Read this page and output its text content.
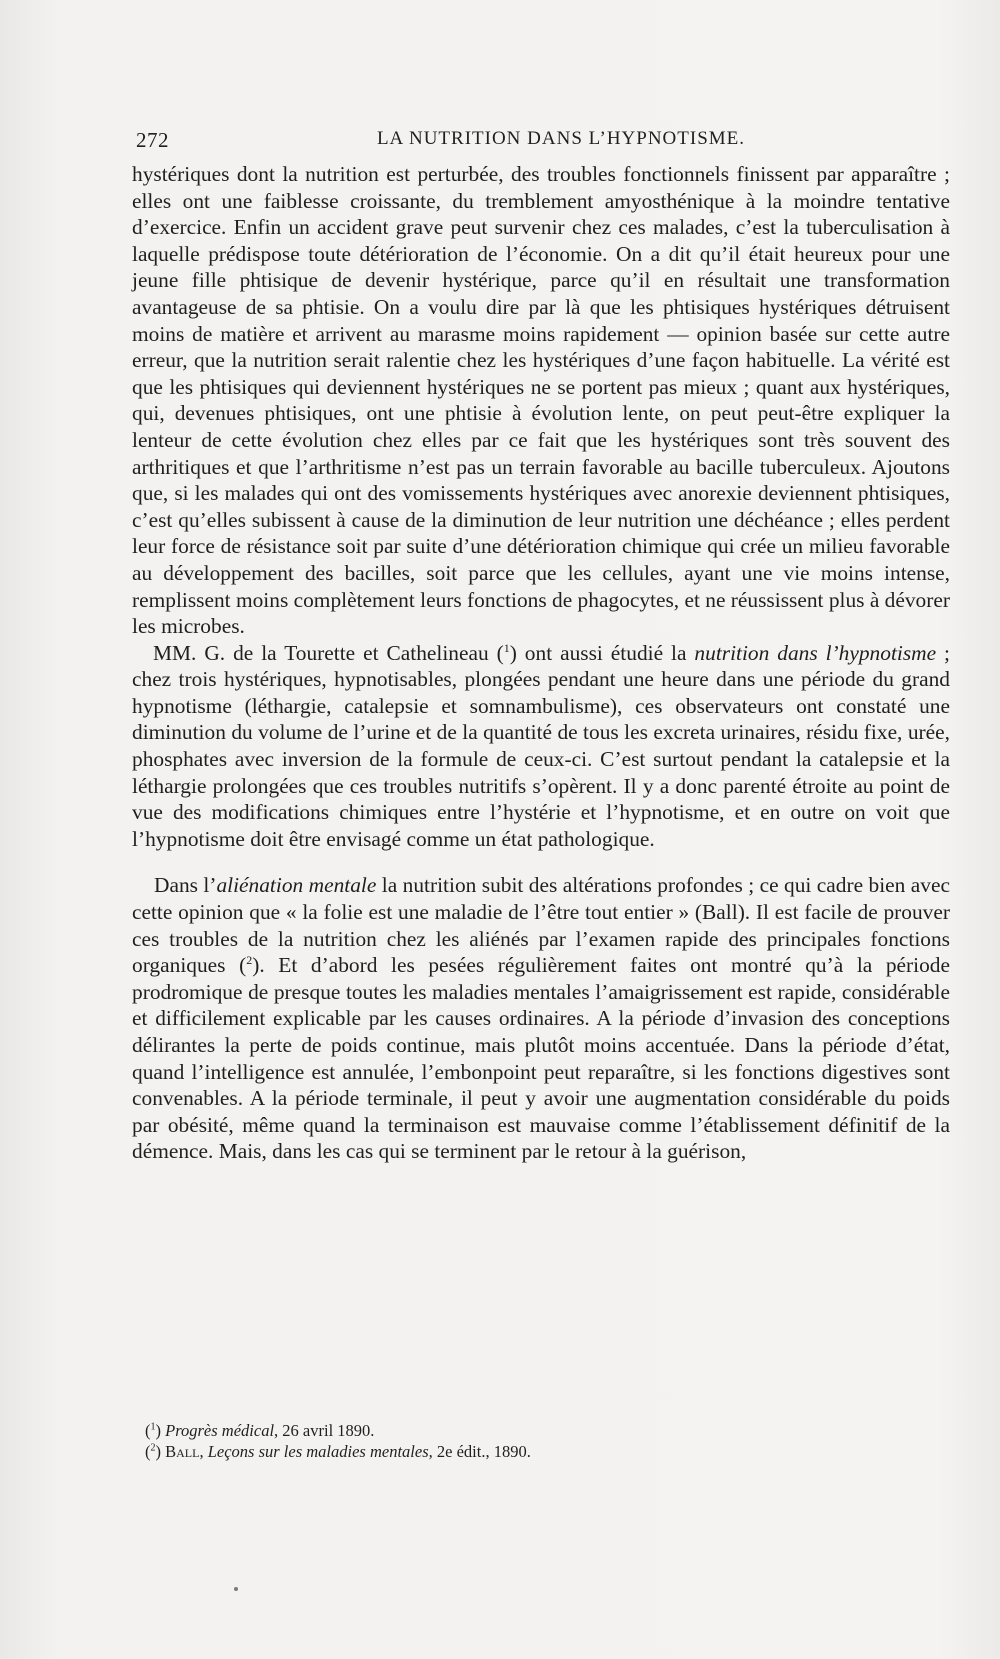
272	LA NUTRITION DANS L’HYPNOTISME.

hystériques dont la nutrition est perturbée, des troubles fonctionnels finissent par apparaître ; elles ont une faiblesse croissante, du tremblement amyosthénique à la moindre tentative d’exercice. Enfin un accident grave peut survenir chez ces malades, c’est la tuberculisation à laquelle prédispose toute détérioration de l’économie. On a dit qu’il était heureux pour une jeune fille phtisique de devenir hystérique, parce qu’il en résultait une transformation avantageuse de sa phtisie. On a voulu dire par là que les phtisiques hystériques détruisent moins de matière et arrivent au marasme moins rapidement — opinion basée sur cette autre erreur, que la nutrition serait ralentie chez les hystériques d’une façon habituelle. La vérité est que les phtisiques qui deviennent hystériques ne se portent pas mieux ; quant aux hystériques, qui, devenues phtisiques, ont une phtisie à évolution lente, on peut peut-être expliquer la lenteur de cette évolution chez elles par ce fait que les hystériques sont très souvent des arthritiques et que l’arthritisme n’est pas un terrain favorable au bacille tuberculeux. Ajoutons que, si les malades qui ont des vomissements hystériques avec anorexie deviennent phtisiques, c’est qu’elles subissent à cause de la diminution de leur nutrition une déchéance ; elles perdent leur force de résistance soit par suite d’une détérioration chimique qui crée un milieu favorable au développement des bacilles, soit parce que les cellules, ayant une vie moins intense, remplissent moins complètement leurs fonctions de phagocytes, et ne réussissent plus à dévorer les microbes.

MM. G. de la Tourette et Cathelineau ($^1$) ont aussi étudié la nutrition dans l’hypnotisme ; chez trois hystériques, hypnotisables, plongées pendant une heure dans une période du grand hypnotisme (léthargie, catalepsie et somnambulisme), ces observateurs ont constaté une diminution du volume de l’urine et de la quantité de tous les excreta urinaires, résidu fixe, urée, phosphates avec inversion de la formule de ceux-ci. C’est surtout pendant la catalepsie et la léthargie prolongées que ces troubles nutritifs s’opèrent. Il y a donc parenté étroite au point de vue des modifications chimiques entre l’hystérie et l’hypnotisme, et en outre on voit que l’hypnotisme doit être envisagé comme un état pathologique.

Dans l’aliénation mentale la nutrition subit des altérations profondes ; ce qui cadre bien avec cette opinion que « la folie est une maladie de l’être tout entier » (Ball). Il est facile de prouver ces troubles de la nutrition chez les aliénés par l’examen rapide des principales fonctions organiques ($^2$). Et d’abord les pesées régulièrement faites ont montré qu’à la période prodromique de presque toutes les maladies mentales l’amaigrissement est rapide, considérable et difficilement explicable par les causes ordinaires. A la période d’invasion des conceptions délirantes la perte de poids continue, mais plutôt moins accentuée. Dans la période d’état, quand l’intelligence est annulée, l’embonpoint peut reparaître, si les fonctions digestives sont convenables. A la période terminale, il peut y avoir une augmentation considérable du poids par obésité, même quand la terminaison est mauvaise comme l’établissement définitif de la démence. Mais, dans les cas qui se terminent par le retour à la guérison,

($^1$) Progrès médical, 26 avril 1890.
($^2$) Ball, Leçons sur les maladies mentales, 2e édit., 1890.
